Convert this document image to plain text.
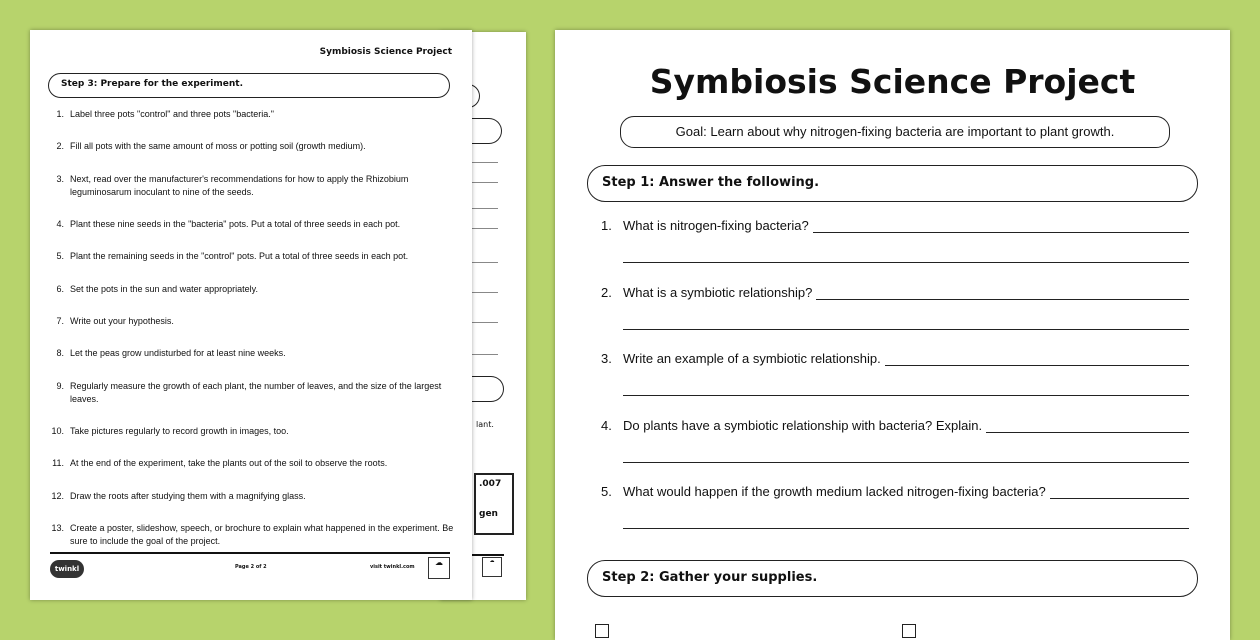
lant.
.007
gen
☁
Symbiosis Science Project
Step 3: Prepare for the experiment.
1. Label three pots "control" and three pots "bacteria."
2. Fill all pots with the same amount of moss or potting soil (growth medium).
3. Next, read over the manufacturer's recommendations for how to apply the Rhizobium leguminosarum inoculant to nine of the seeds.
4. Plant these nine seeds in the "bacteria" pots. Put a total of three seeds in each pot.
5. Plant the remaining seeds in the "control" pots. Put a total of three seeds in each pot.
6. Set the pots in the sun and water appropriately.
7. Write out your hypothesis.
8. Let the peas grow undisturbed for at least nine weeks.
9. Regularly measure the growth of each plant, the number of leaves, and the size of the largest leaves.
10. Take pictures regularly to record growth in images, too.
11. At the end of the experiment, take the plants out of the soil to observe the roots.
12. Draw the roots after studying them with a magnifying glass.
13. Create a poster, slideshow, speech, or brochure to explain what happened in the experiment. Be sure to include the goal of the project.
twinkl	Page 2 of 2	visit twinkl.com	☁
Symbiosis Science Project
Goal: Learn about why nitrogen-fixing bacteria are important to plant growth.
Step 1: Answer the following.
1. What is nitrogen-fixing bacteria?
2. What is a symbiotic relationship?
3. Write an example of a symbiotic relationship.
4. Do plants have a symbiotic relationship with bacteria? Explain.
5. What would happen if the growth medium lacked nitrogen-fixing bacteria?
Step 2: Gather your supplies.
